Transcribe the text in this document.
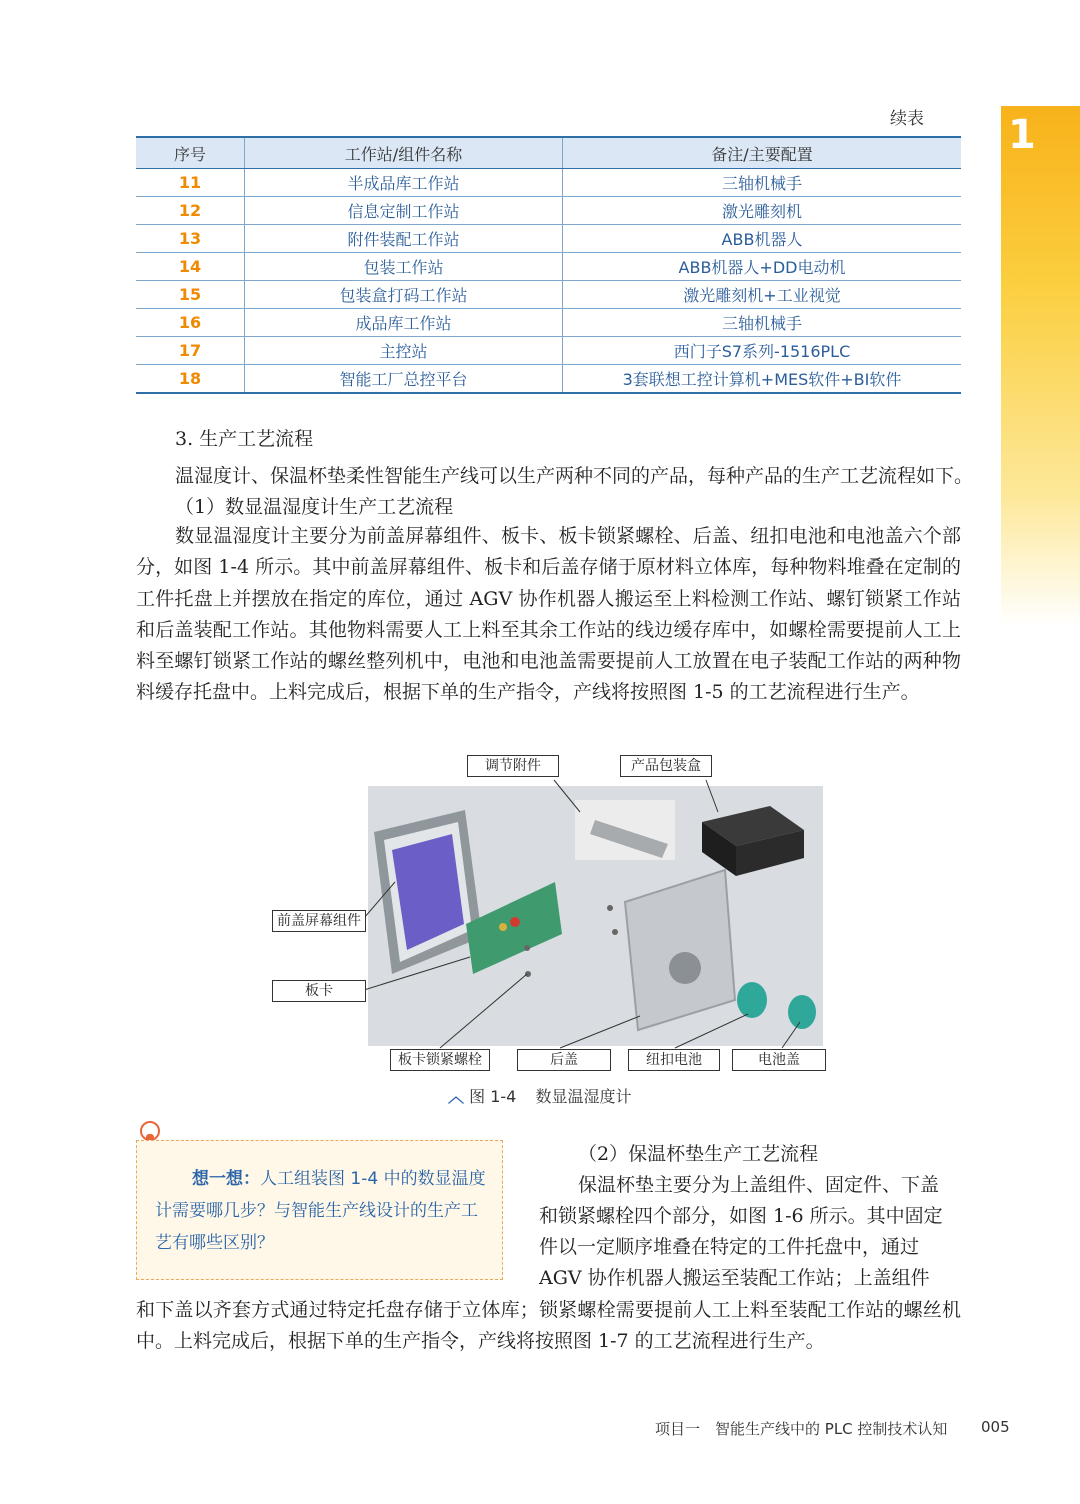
1
续表
序号	工作站/组件名称	备注/主要配置
11	半成品库工作站	三轴机械手
12	信息定制工作站	激光雕刻机
13	附件装配工作站	ABB机器人
14	包装工作站	ABB机器人+DD电动机
15	包装盒打码工作站	激光雕刻机+工业视觉
16	成品库工作站	三轴机械手
17	主控站	西门子S7系列-1516PLC
18	智能工厂总控平台	3套联想工控计算机+MES软件+BI软件
3. 生产工艺流程
温湿度计、保温杯垫柔性智能生产线可以生产两种不同的产品，每种产品的生产工艺流程如下。
（1）数显温湿度计生产工艺流程

数显温湿度计主要分为前盖屏幕组件、板卡、板卡锁紧螺栓、后盖、纽扣电池和电池盖六个部分，如图 1-4 所示。其中前盖屏幕组件、板卡和后盖存储于原材料立体库，每种物料堆叠在定制的工件托盘上并摆放在指定的库位，通过 AGV 协作机器人搬运至上料检测工作站、螺钉锁紧工作站和后盖装配工作站。其他物料需要人工上料至其余工作站的线边缓存库中，如螺栓需要提前人工上料至螺钉锁紧工作站的螺丝整列机中，电池和电池盖需要提前人工放置在电子装配工作站的两种物料缓存托盘中。上料完成后，根据下单的生产指令，产线将按照图 1-5 的工艺流程进行生产。

调节附件	产品包装盒
前盖屏幕组件
板卡
板卡锁紧螺栓	后盖	纽扣电池	电池盖
︿ 图 1-4 数显温湿度计

想一想：人工组装图 1-4 中的数显温度计需要哪几步？与智能生产线设计的生产工艺有哪些区别？

（2）保温杯垫生产工艺流程
保温杯垫主要分为上盖组件、固定件、下盖
和锁紧螺栓四个部分，如图 1-6 所示。其中固定
件以一定顺序堆叠在特定的工件托盘中，通过
AGV 协作机器人搬运至装配工作站；上盖组件

和下盖以齐套方式通过特定托盘存储于立体库；锁紧螺栓需要提前人工上料至装配工作站的螺丝机中。上料完成后，根据下单的生产指令，产线将按照图 1-7 的工艺流程进行生产。

项目一　智能生产线中的 PLC 控制技术认知 005
